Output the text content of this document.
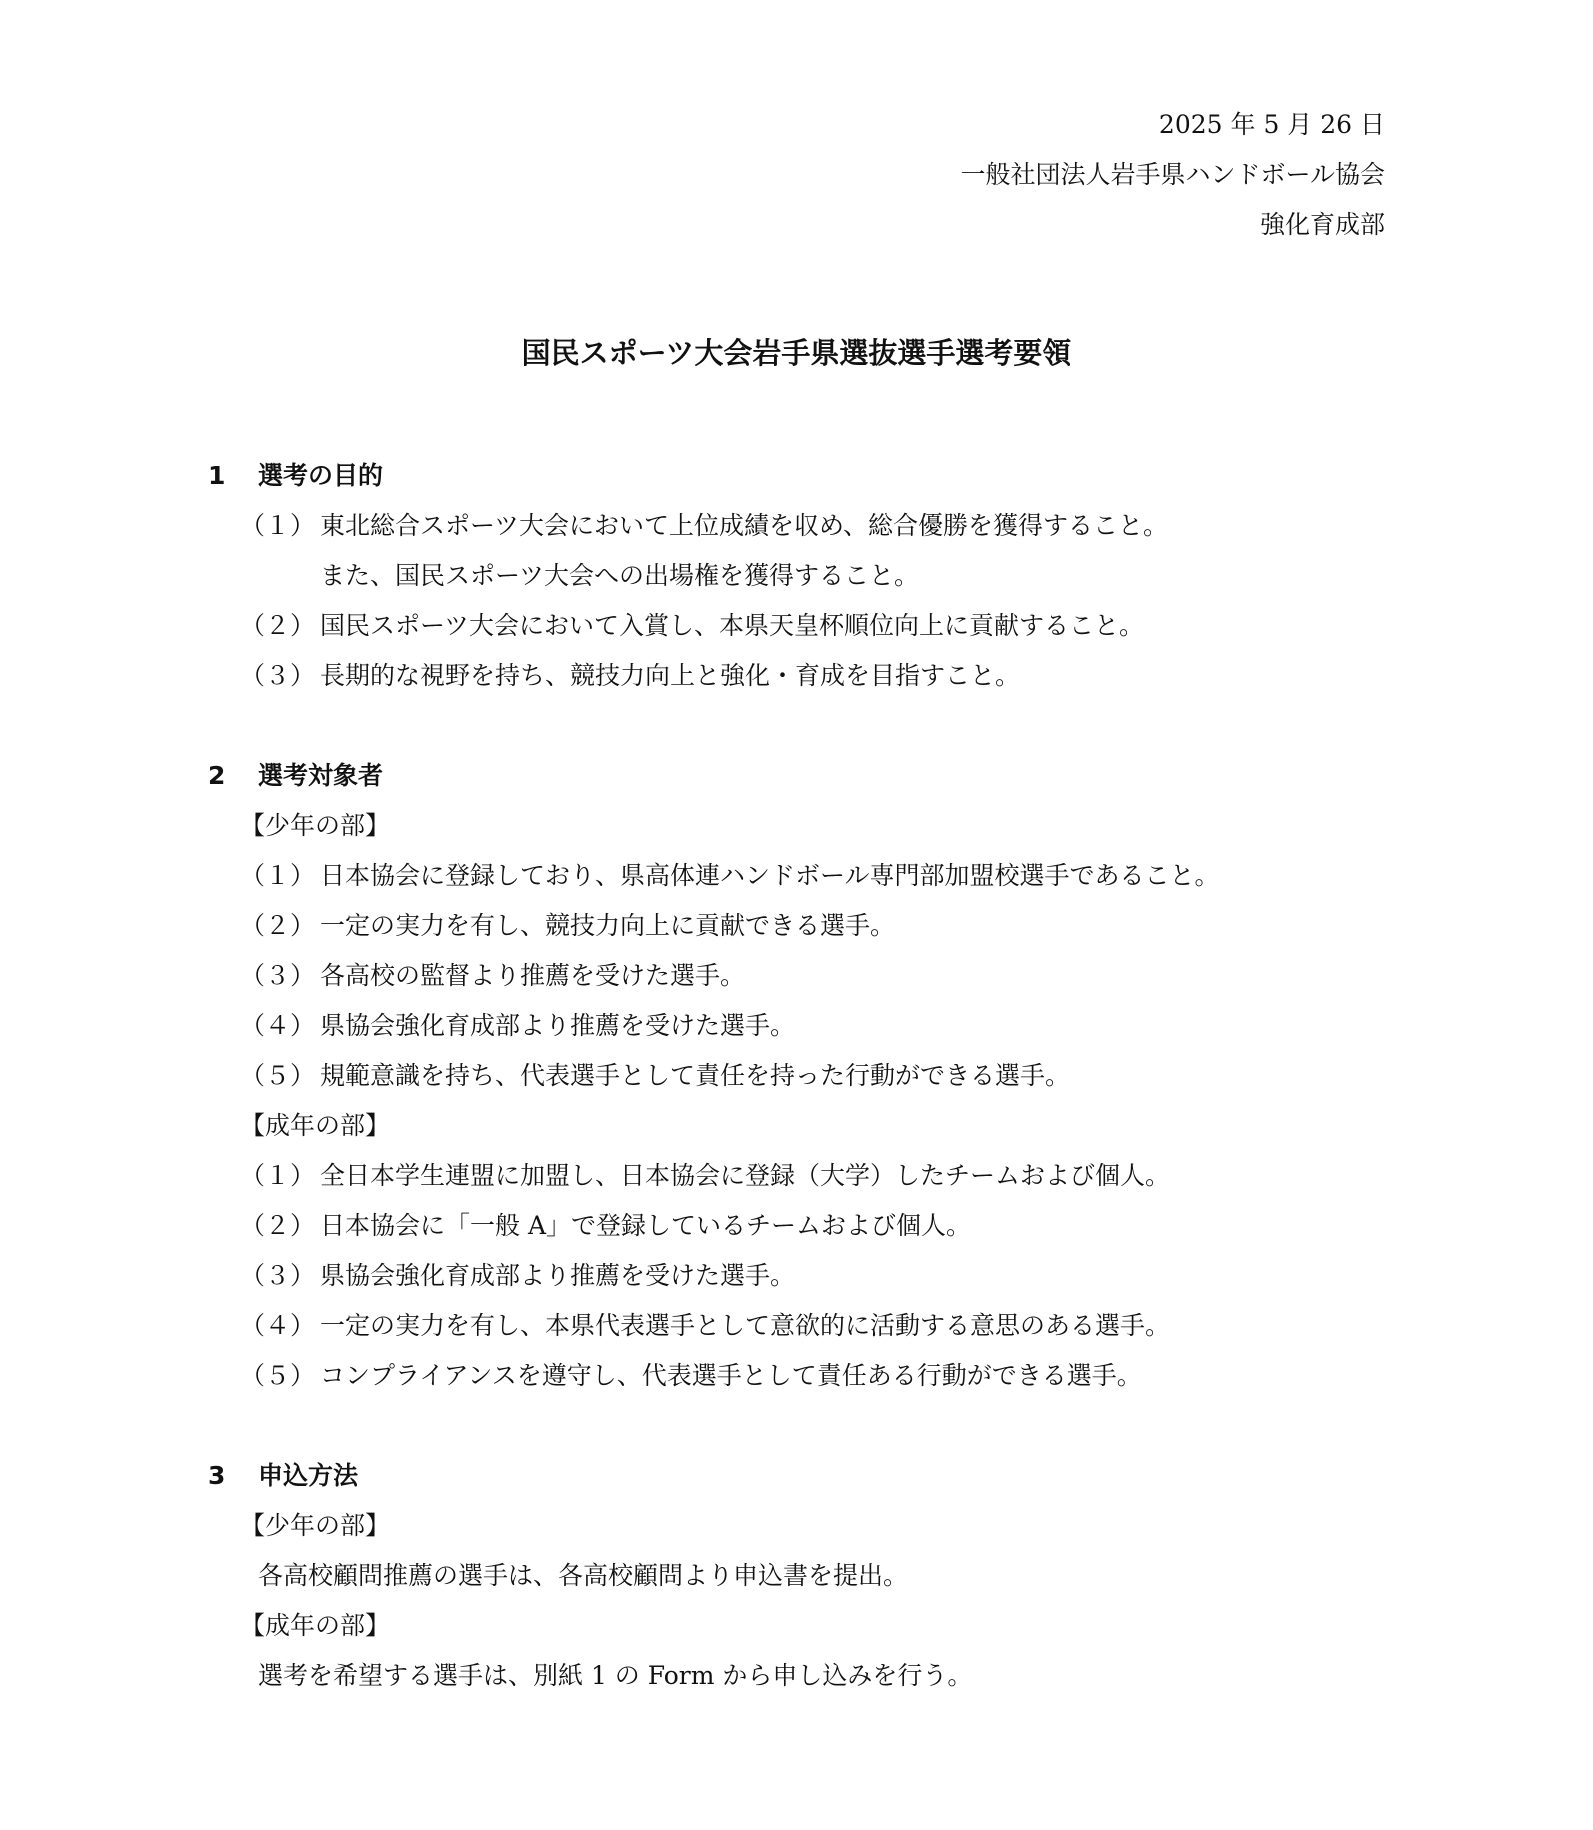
2025 年 5 月 26 日
一般社団法人岩手県ハンドボール協会
強化育成部
国民スポーツ大会岩手県選抜選手選考要領
1 選考の目的
（１） 東北総合スポーツ大会において上位成績を収め、総合優勝を獲得すること。
また、国民スポーツ大会への出場権を獲得すること。
（２） 国民スポーツ大会において入賞し、本県天皇杯順位向上に貢献すること。
（３） 長期的な視野を持ち、競技力向上と強化・育成を目指すこと。
2 選考対象者
【少年の部】
（１） 日本協会に登録しており、県高体連ハンドボール専門部加盟校選手であること。
（２） 一定の実力を有し、競技力向上に貢献できる選手。
（３） 各高校の監督より推薦を受けた選手。
（４） 県協会強化育成部より推薦を受けた選手。
（５） 規範意識を持ち、代表選手として責任を持った行動ができる選手。
【成年の部】
（１） 全日本学生連盟に加盟し、日本協会に登録（大学）したチームおよび個人。
（２） 日本協会に「一般 A」で登録しているチームおよび個人。
（３） 県協会強化育成部より推薦を受けた選手。
（４） 一定の実力を有し、本県代表選手として意欲的に活動する意思のある選手。
（５） コンプライアンスを遵守し、代表選手として責任ある行動ができる選手。
3 申込方法
【少年の部】
各高校顧問推薦の選手は、各高校顧問より申込書を提出。
【成年の部】
選考を希望する選手は、別紙 1 の Form から申し込みを行う。
